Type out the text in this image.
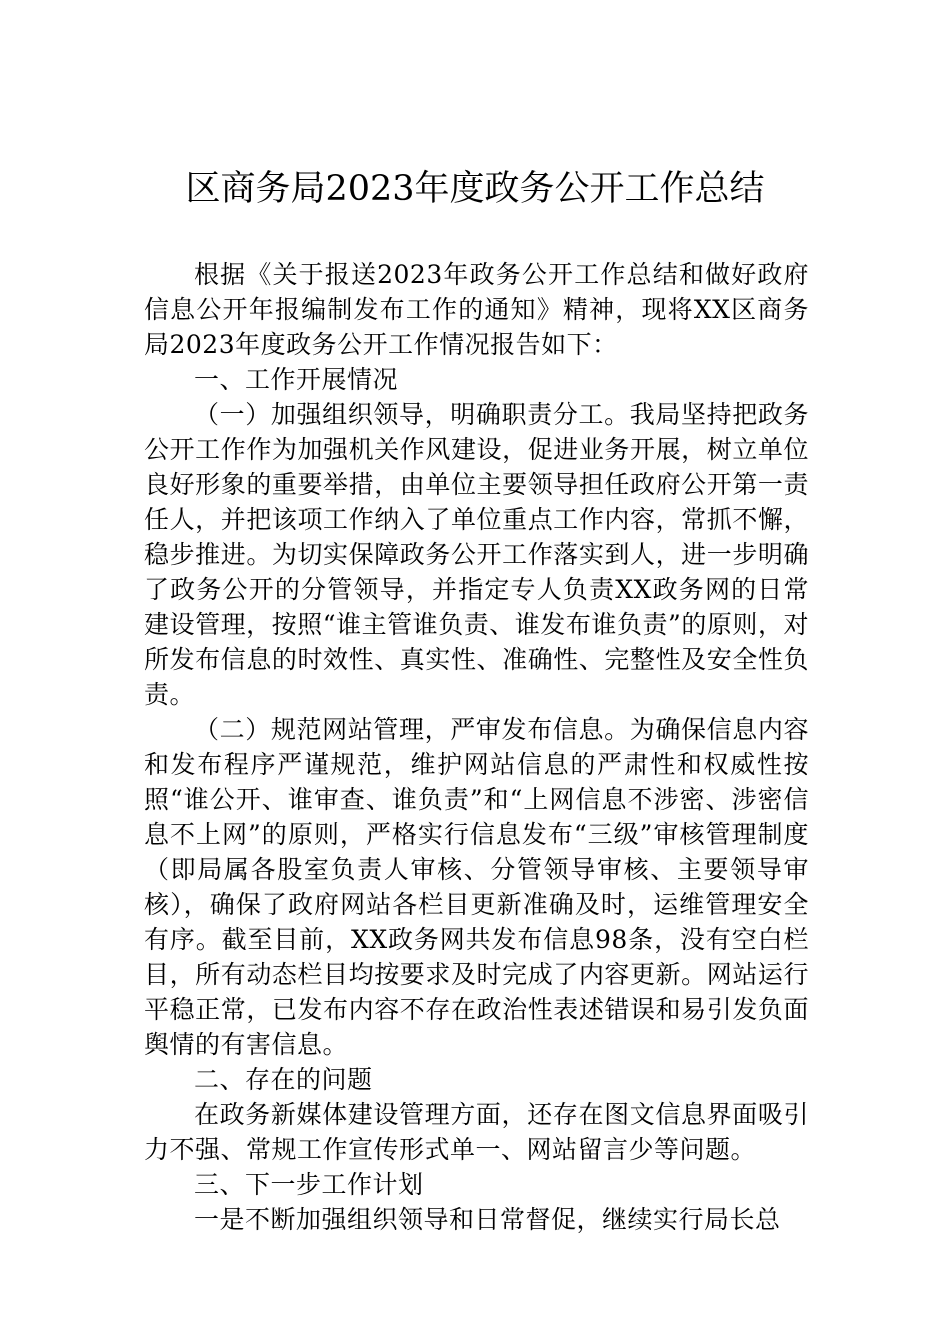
区商务局2023年度政务公开工作总结

根据《关于报送2023年政务公开工作总结和做好政府信息公开年报编制发布工作的通知》精神，现将XX区商务局2023年度政务公开工作情况报告如下：

一、工作开展情况

（一）加强组织领导，明确职责分工。我局坚持把政务公开工作作为加强机关作风建设，促进业务开展，树立单位良好形象的重要举措，由单位主要领导担任政府公开第一责任人，并把该项工作纳入了单位重点工作内容，常抓不懈，稳步推进。为切实保障政务公开工作落实到人，进一步明确了政务公开的分管领导，并指定专人负责XX政务网的日常建设管理，按照“谁主管谁负责、谁发布谁负责”的原则，对所发布信息的时效性、真实性、准确性、完整性及安全性负责。

（二）规范网站管理，严审发布信息。为确保信息内容和发布程序严谨规范，维护网站信息的严肃性和权威性按照“谁公开、谁审查、谁负责”和“上网信息不涉密、涉密信息不上网”的原则，严格实行信息发布“三级”审核管理制度（即局属各股室负责人审核、分管领导审核、主要领导审核），确保了政府网站各栏目更新准确及时，运维管理安全有序。截至目前，XX政务网共发布信息98条，没有空白栏目，所有动态栏目均按要求及时完成了内容更新。网站运行平稳正常，已发布内容不存在政治性表述错误和易引发负面舆情的有害信息。

二、存在的问题

在政务新媒体建设管理方面，还存在图文信息界面吸引力不强、常规工作宣传形式单一、网站留言少等问题。

三、下一步工作计划

一是不断加强组织领导和日常督促，继续实行局长总
